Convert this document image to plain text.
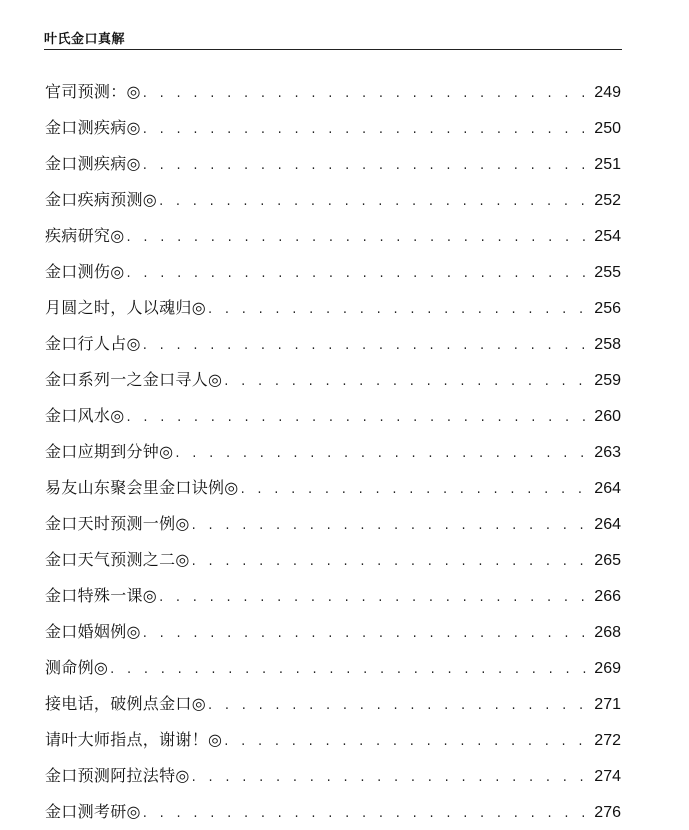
叶氏金口真解
官司预测：◎ . . .	249
金口测疾病◎ . . .	250
金口测疾病◎ . . .	251
金口疾病预测◎ . . .	252
疾病研究◎ . . .	254
金口测伤◎ . . .	255
月圆之时，人以魂归◎ . . .	256
金口行人占◎ . . .	258
金口系列一之金口寻人◎ . . .	259
金口风水◎ . . .	260
金口应期到分钟◎ . . .	263
易友山东聚会里金口诀例◎ . . .	264
金口天时预测一例◎ . . .	264
金口天气预测之二◎ . . .	265
金口特殊一课◎ . . .	266
金口婚姻例◎ . . .	268
测命例◎ . . .	269
接电话，破例点金口◎ . . .	271
请叶大师指点，谢谢！◎ . . .	272
金口预测阿拉法特◎ . . .	274
金口测考研◎ . . .	276
